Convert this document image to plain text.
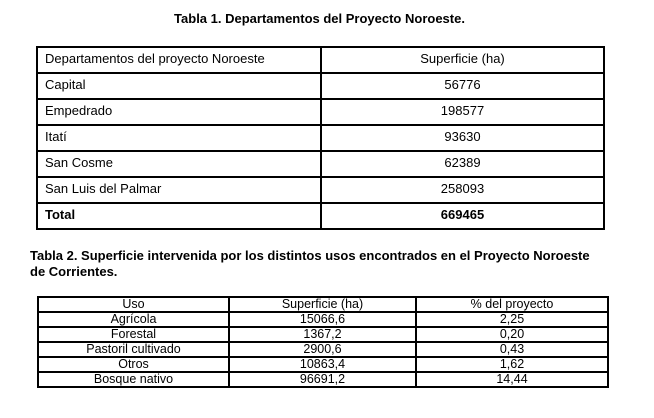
Tabla 1. Departamentos del Proyecto Noroeste.
Departamentos del proyecto Noroeste	Superficie (ha)
Capital	56776
Empedrado	198577
Itatí	93630
San Cosme	62389
San Luis del Palmar	258093
Total	669465
Tabla 2. Superficie intervenida por los distintos usos encontrados en el Proyecto Noroeste
de Corrientes.
Uso	Superficie (ha)	% del proyecto
Agrícola	15066,6	2,25
Forestal	1367,2	0,20
Pastoril cultivado	2900,6	0,43
Otros	10863,4	1,62
Bosque nativo	96691,2	14,44
